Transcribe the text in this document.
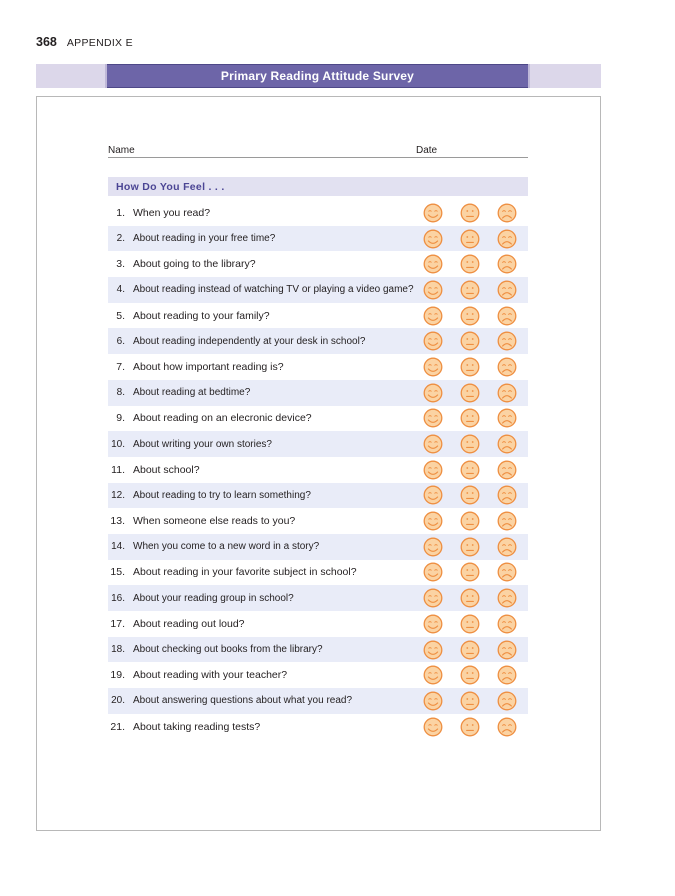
368 APPENDIX E
Primary Reading Attitude Survey
Name	Date
How Do You Feel . . .
1. When you read?
2. About reading in your free time?
3. About going to the library?
4. About reading instead of watching TV or playing a video game?
5. About reading to your family?
6. About reading independently at your desk in school?
7. About how important reading is?
8. About reading at bedtime?
9. About reading on an elecronic device?
10. About writing your own stories?
11. About school?
12. About reading to try to learn something?
13. When someone else reads to you?
14. When you come to a new word in a story?
15. About reading in your favorite subject in school?
16. About your reading group in school?
17. About reading out loud?
18. About checking out books from the library?
19. About reading with your teacher?
20. About answering questions about what you read?
21. About taking reading tests?
